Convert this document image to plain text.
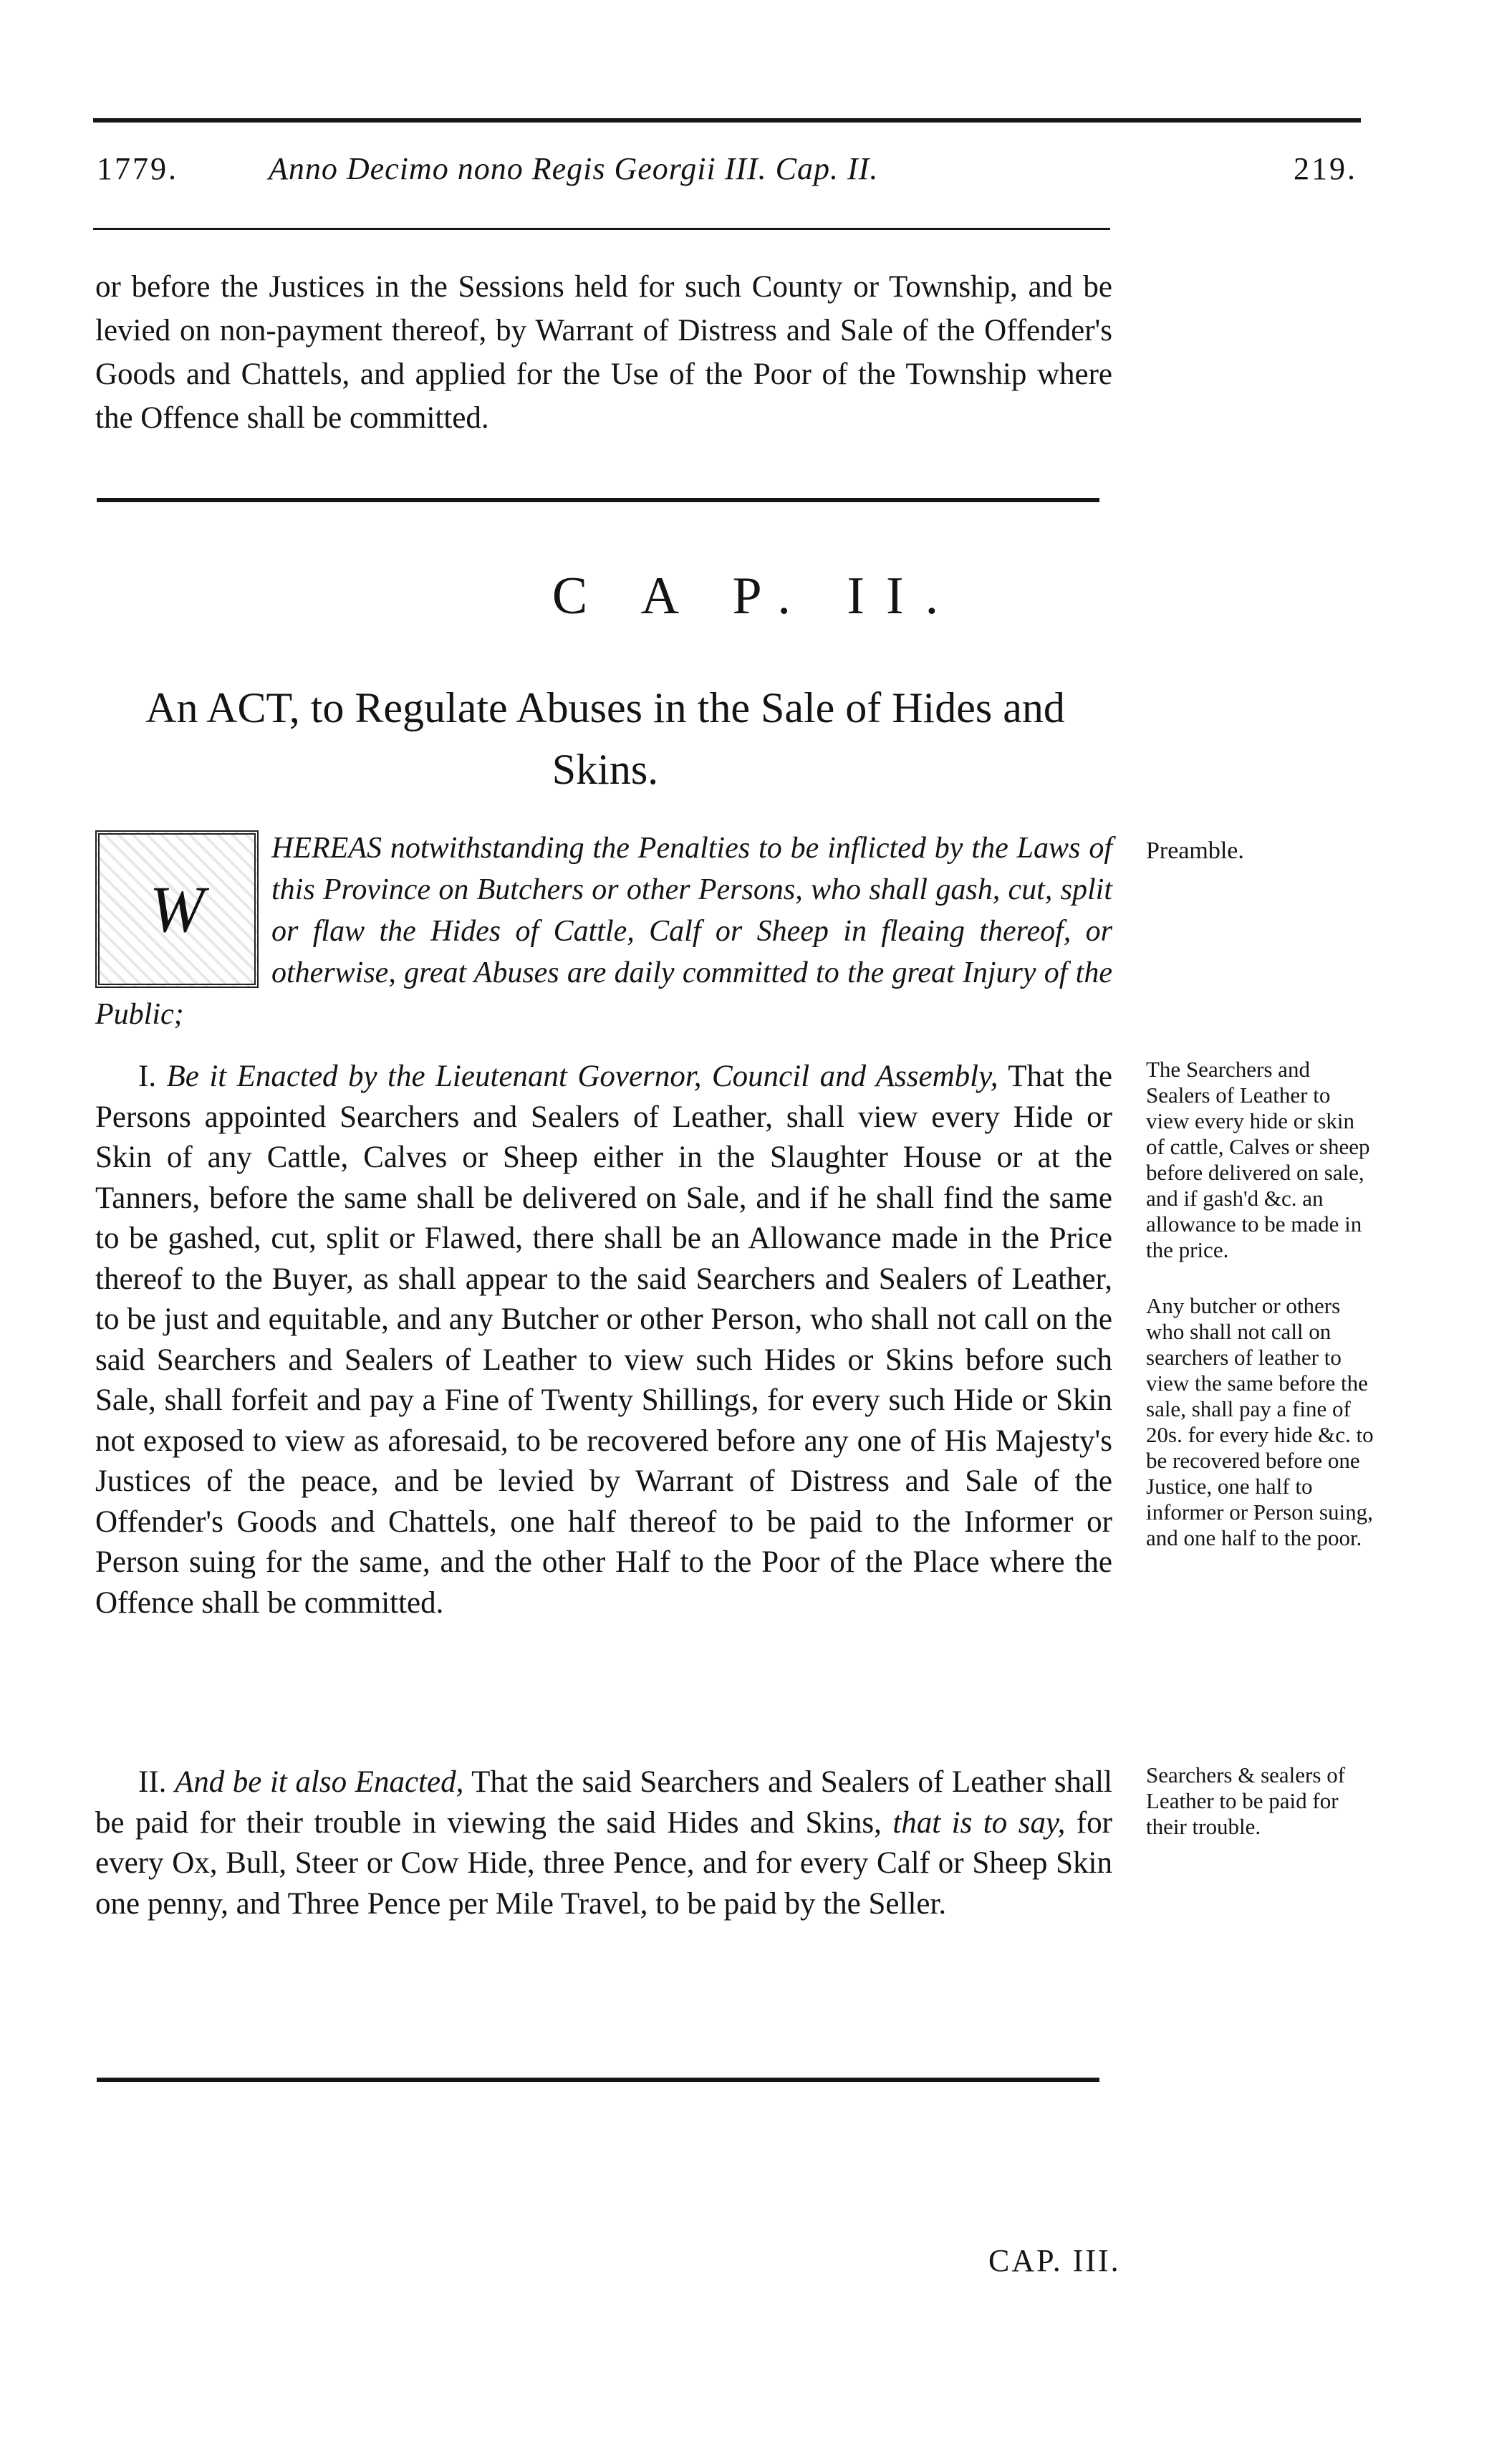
1779.	Anno Decimo nono Regis Georgii III. Cap. II.	219.

or before the Justices in the Sessions held for such County or Township, and be levied on non-payment thereof, by Warrant of Distress and Sale of the Offender's Goods and Chattels, and applied for the Use of the Poor of the Township where the Offence shall be committed.

C A P. II.
An ACT, to Regulate Abuses in the Sale of Hides and Skins.
W

HEREAS notwithstanding the Penalties to be inflicted by the Laws of this Province on Butchers or other Persons, who shall gash, cut, split or flaw the Hides of Cattle, Calf or Sheep in fleaing thereof, or otherwise, great Abuses are daily committed to the great Injury of the Public;

Preamble.

I. Be it Enacted by the Lieutenant Governor, Council and Assembly, That the Persons appointed Searchers and Sealers of Leather, shall view every Hide or Skin of any Cattle, Calves or Sheep either in the Slaughter House or at the Tanners, before the same shall be delivered on Sale, and if he shall find the same to be gashed, cut, split or Flawed, there shall be an Allowance made in the Price thereof to the Buyer, as shall appear to the said Searchers and Sealers of Leather, to be just and equitable, and any Butcher or other Person, who shall not call on the said Searchers and Sealers of Leather to view such Hides or Skins before such Sale, shall forfeit and pay a Fine of Twenty Shillings, for every such Hide or Skin not exposed to view as aforesaid, to be recovered before any one of His Majesty's Justices of the peace, and be levied by Warrant of Distress and Sale of the Offender's Goods and Chattels, one half thereof to be paid to the Informer or Person suing for the same, and the other Half to the Poor of the Place where the Offence shall be committed.

The Searchers and Sealers of Leather to view every hide or skin of cattle, Calves or sheep before delivered on sale, and if gash'd &c. an allowance to be made in the price.
Any butcher or others who shall not call on searchers of leather to view the same before the sale, shall pay a fine of 20s. for every hide &c. to be recovered before one Justice, one half to informer or Person suing, and one half to the poor.

II. And be it also Enacted, That the said Searchers and Sealers of Leather shall be paid for their trouble in viewing the said Hides and Skins, that is to say, for every Ox, Bull, Steer or Cow Hide, three Pence, and for every Calf or Sheep Skin one penny, and Three Pence per Mile Travel, to be paid by the Seller.

Searchers & sealers of Leather to be paid for their trouble.
CAP. III.
